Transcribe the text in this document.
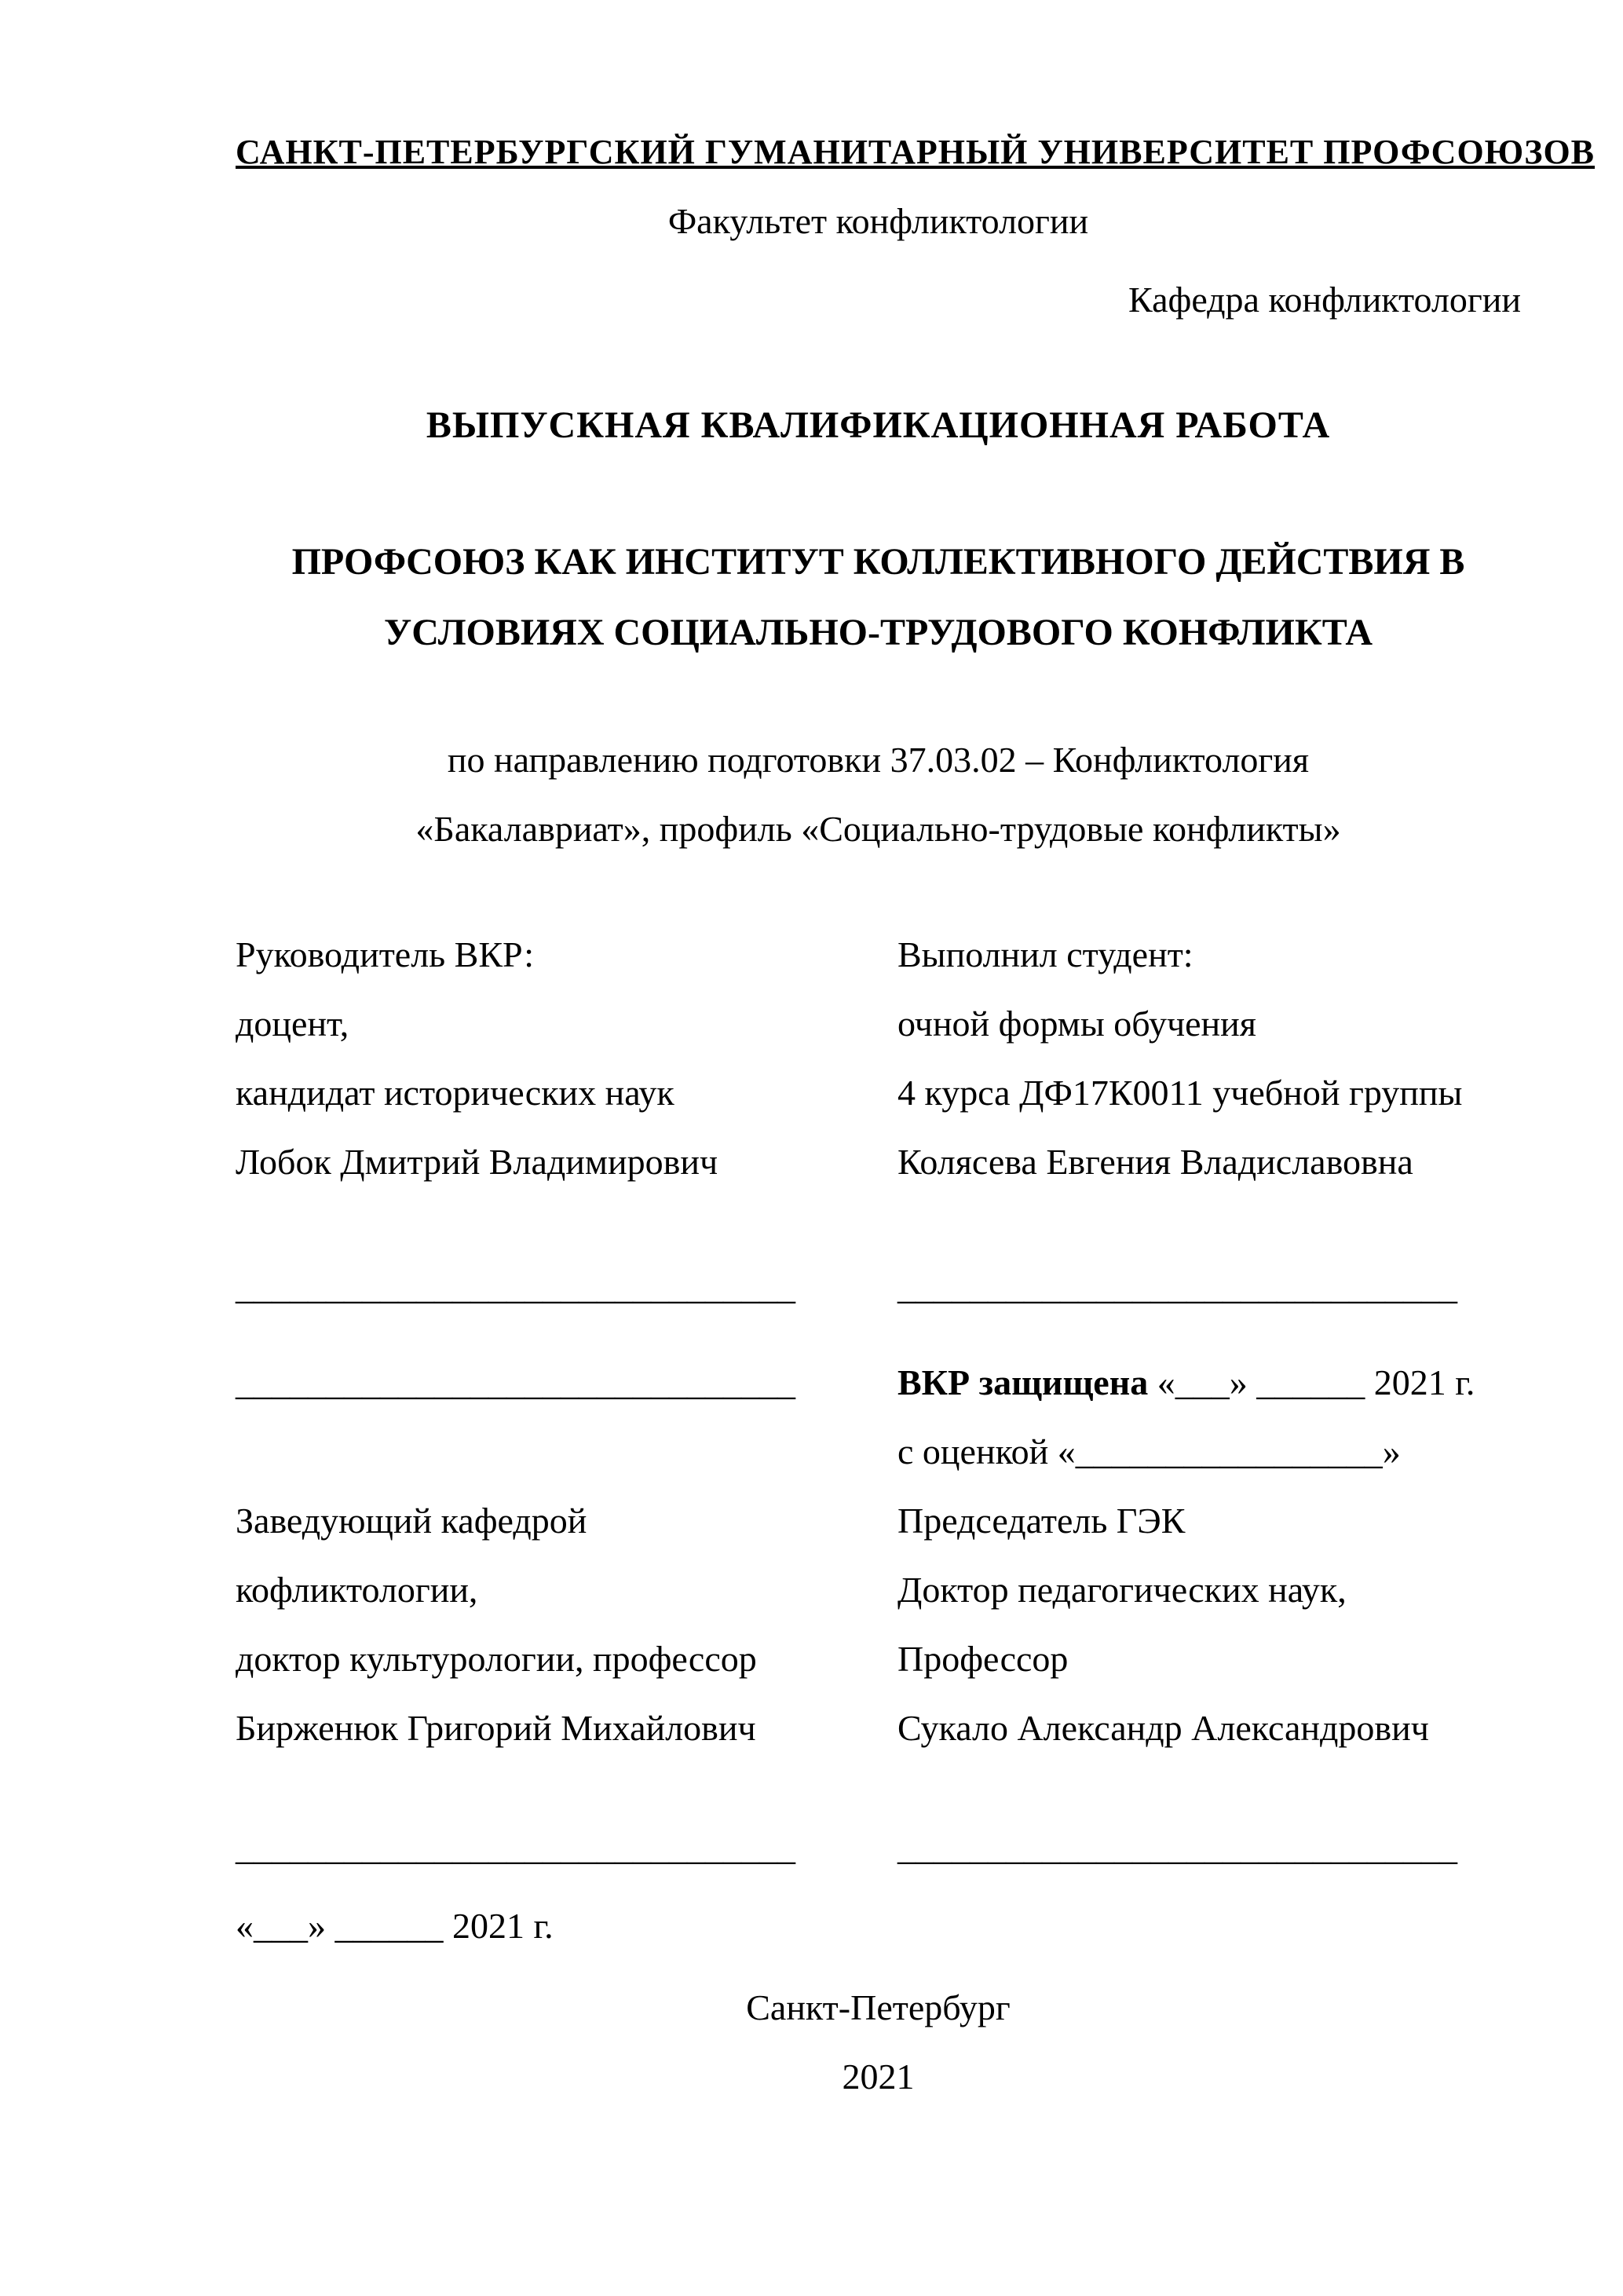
САНКТ-ПЕТЕРБУРГСКИЙ ГУМАНИТАРНЫЙ УНИВЕРСИТЕТ ПРОФСОЮЗОВ
Факультет конфликтологии
Кафедра конфликтологии
ВЫПУСКНАЯ КВАЛИФИКАЦИОННАЯ РАБОТА
ПРОФСОЮЗ КАК ИНСТИТУТ КОЛЛЕКТИВНОГО ДЕЙСТВИЯ В
УСЛОВИЯХ СОЦИАЛЬНО-ТРУДОВОГО КОНФЛИКТА
по направлению подготовки 37.03.02 – Конфликтология
«Бакалавриат», профиль «Социально-трудовые конфликты»
Руководитель ВКР:
доцент,
кандидат исторических наук
Лобок Дмитрий Владимирович
Выполнил студент:
очной формы обучения
4 курса ДФ17К0011 учебной группы
Колясева Евгения Владиславовна
_______________________________	_______________________________
_______________________________

Заведующий кафедрой
кофликтологии,
доктор культурологии, профессор
Бирженюк Григорий Михайлович
ВКР защищена «___» ______ 2021 г.
с оценкой «_________________»
Председатель ГЭК
Доктор педагогических наук,
Профессор
Сукало Александр Александрович
_______________________________	_______________________________
«___» ______ 2021 г.

Санкт-Петербург
2021
